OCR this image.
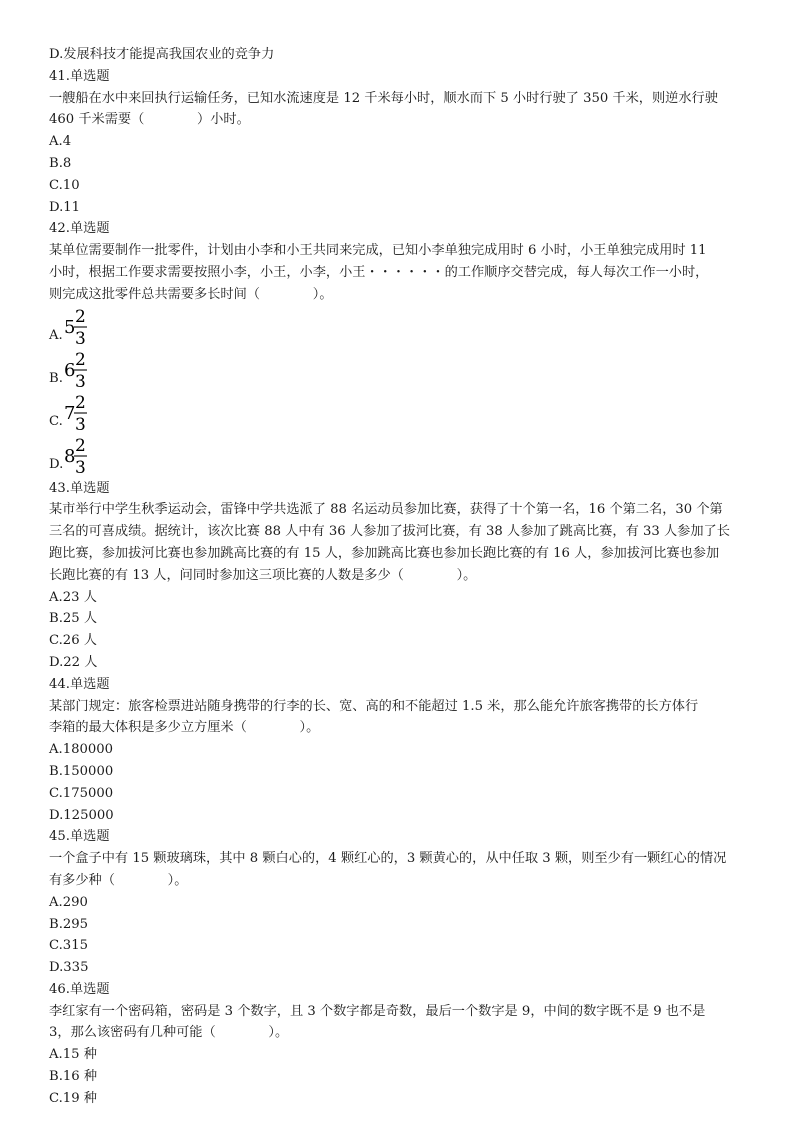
D.发展科技才能提高我国农业的竞争力
41.单选题
一艘船在水中来回执行运输任务，已知水流速度是 12 千米每小时，顺水而下 5 小时行驶了 350 千米，则逆水行驶
460 千米需要（　　　　）小时。
A.4
B.8
C.10
D.11
42.单选题
某单位需要制作一批零件，计划由小李和小王共同来完成，已知小李单独完成用时 6 小时，小王单独完成用时 11
小时，根据工作要求需要按照小李，小王，小李，小王・・・・・・的工作顺序交替完成，每人每次工作一小时，
则完成这批零件总共需要多长时间（　　　　）。
A. 5 2
3
B. 6 2
3
C. 7 2
3
D. 8 2
3
43.单选题
某市举行中学生秋季运动会，雷锋中学共选派了 88 名运动员参加比赛，获得了十个第一名，16 个第二名，30 个第
三名的可喜成绩。据统计，该次比赛 88 人中有 36 人参加了拔河比赛，有 38 人参加了跳高比赛，有 33 人参加了长
跑比赛，参加拔河比赛也参加跳高比赛的有 15 人，参加跳高比赛也参加长跑比赛的有 16 人，参加拔河比赛也参加
长跑比赛的有 13 人，问同时参加这三项比赛的人数是多少（　　　　）。
A.23 人
B.25 人
C.26 人
D.22 人
44.单选题
某部门规定：旅客检票进站随身携带的行李的长、宽、高的和不能超过 1.5 米，那么能允许旅客携带的长方体行
李箱的最大体积是多少立方厘米（　　　　）。
A.180000
B.150000
C.175000
D.125000
45.单选题
一个盒子中有 15 颗玻璃珠，其中 8 颗白心的，4 颗红心的，3 颗黄心的，从中任取 3 颗，则至少有一颗红心的情况
有多少种（　　　　）。
A.290
B.295
C.315
D.335
46.单选题
李红家有一个密码箱，密码是 3 个数字，且 3 个数字都是奇数，最后一个数字是 9，中间的数字既不是 9 也不是
3，那么该密码有几种可能（　　　　）。
A.15 种
B.16 种
C.19 种
